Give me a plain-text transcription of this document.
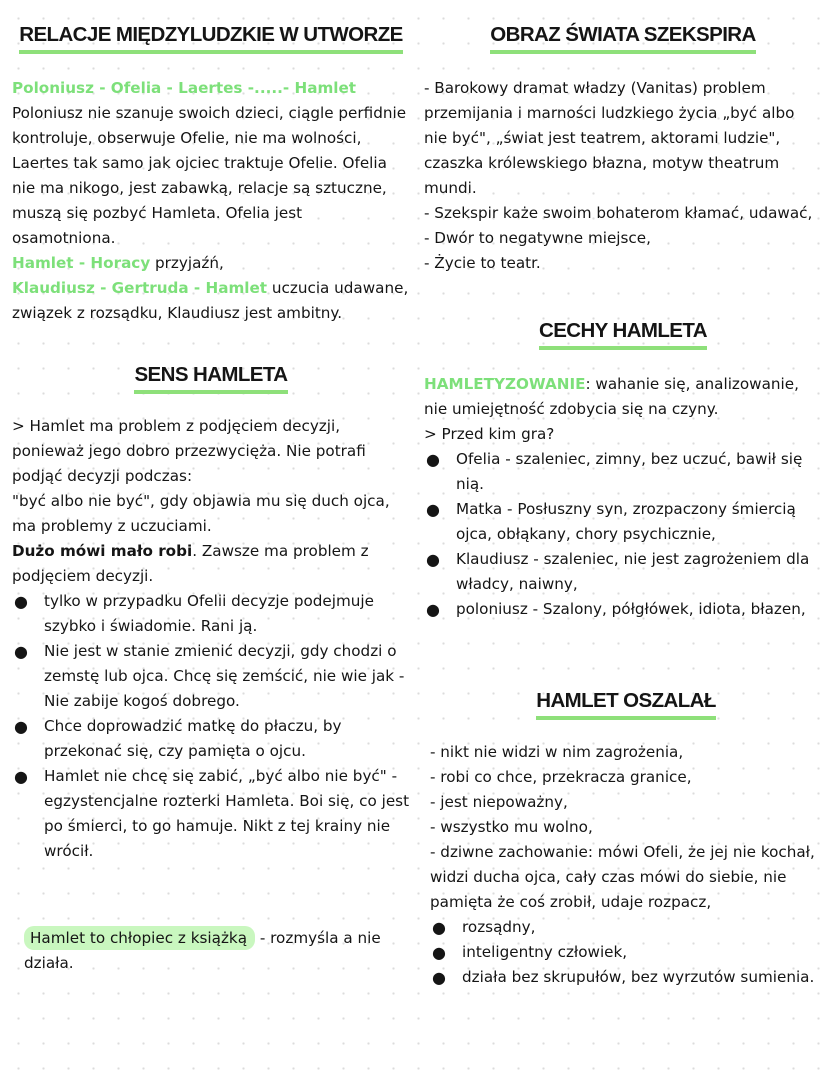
RELACJE MIĘDZYLUDZKIE W UTWORZE

Poloniusz - Ofelia - Laertes -.....- Hamlet

Poloniusz nie szanuje swoich dzieci, ciągle perfidnie kontroluje, obserwuje Ofelie, nie ma wolności, Laertes tak samo jak ojciec traktuje Ofelie. Ofelia nie ma nikogo, jest zabawką, relacje są sztuczne, muszą się pozbyć Hamleta. Ofelia jest osamotniona.

Hamlet - Horacy przyjaźń,

Klaudiusz - Gertruda - Hamlet uczucia udawane, związek z rozsądku, Klaudiusz jest ambitny.

SENS HAMLETA

> Hamlet ma problem z podjęciem decyzji, ponieważ jego dobro przezwycięża. Nie potrafi podjąć decyzji podczas:

"być albo nie być", gdy objawia mu się duch ojca, ma problemy z uczuciami.

Dużo mówi mało robi. Zawsze ma problem z podjęciem decyzji.

● tylko w przypadku Ofelii decyzje podejmuje szybko i świadomie. Rani ją.
● Nie jest w stanie zmienić decyzji, gdy chodzi o zemstę lub ojca. Chcę się zemścić, nie wie jak - Nie zabije kogoś dobrego.
● Chce doprowadzić matkę do płaczu, by przekonać się, czy pamięta o ojcu.
● Hamlet nie chcę się zabić, „być albo nie być" - egzystencjalne rozterki Hamleta. Boi się, co jest po śmierci, to go hamuje. Nikt z tej krainy nie wrócił.

Hamlet to chłopiec z książką - rozmyśla a nie działa.

OBRAZ ŚWIATA SZEKSPIRA

- Barokowy dramat władzy (Vanitas) problem przemijania i marności ludzkiego życia „być albo nie być", „świat jest teatrem, aktorami ludzie", czaszka królewskiego błazna, motyw theatrum mundi.

- Szekspir każe swoim bohaterom kłamać, udawać,

- Dwór to negatywne miejsce,

- Życie to teatr.

CECHY HAMLETA

HAMLETYZOWANIE: wahanie się, analizowanie, nie umiejętność zdobycia się na czyny.

> Przed kim gra?

● Ofelia - szaleniec, zimny, bez uczuć, bawił się nią.
● Matka - Posłuszny syn, zrozpaczony śmiercią ojca, obłąkany, chory psychicznie,
● Klaudiusz - szaleniec, nie jest zagrożeniem dla władcy, naiwny,
● poloniusz - Szalony, półgłówek, idiota, błazen,
HAMLET OSZALAŁ

- nikt nie widzi w nim zagrożenia,

- robi co chce, przekracza granice,

- jest niepoważny,

- wszystko mu wolno,

- dziwne zachowanie: mówi Ofeli, że jej nie kochał, widzi ducha ojca, cały czas mówi do siebie, nie pamięta że coś zrobił, udaje rozpacz,

● rozsądny,
● inteligentny człowiek,
● działa bez skrupułów, bez wyrzutów sumienia.
